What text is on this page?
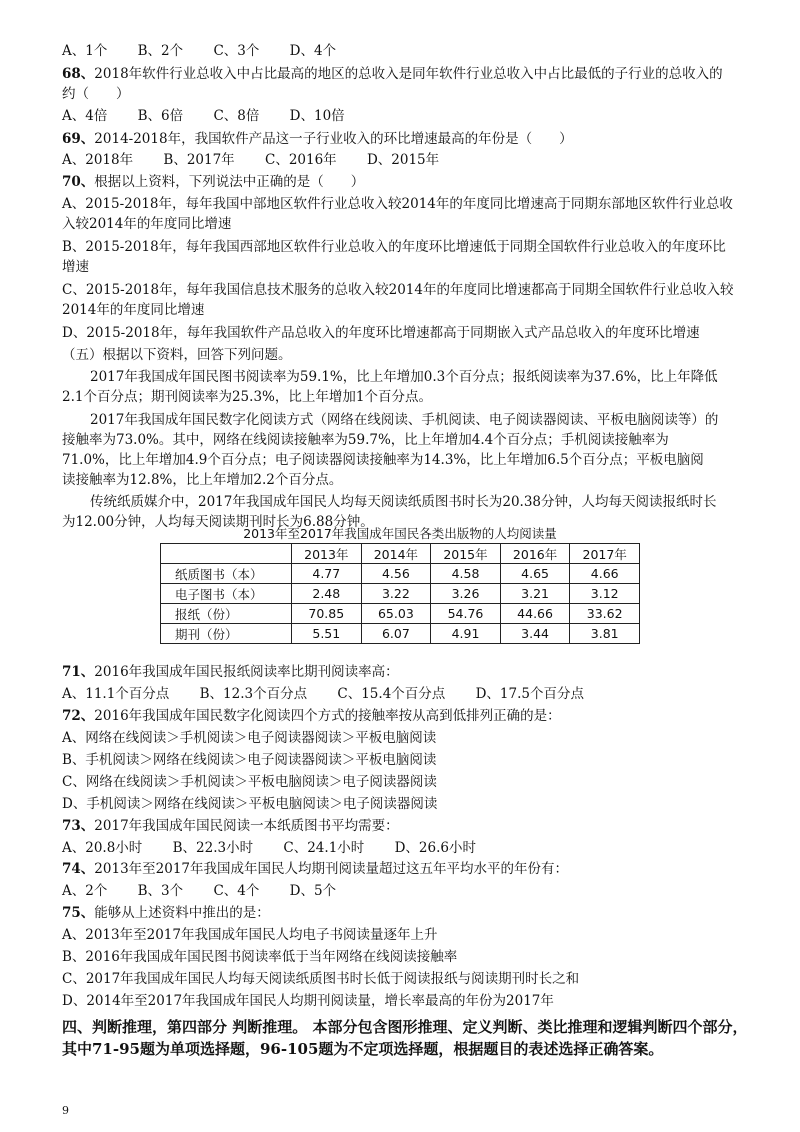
A、1个 B、2个 C、3个 D、4个
68、2018年软件行业总收入中占比最高的地区的总收入是同年软件行业总收入中占比最低的子行业的总收入的
约（　　）
A、4倍 B、6倍 C、8倍 D、10倍
69、2014-2018年，我国软件产品这一子行业收入的环比增速最高的年份是（　　）
A、2018年 B、2017年 C、2016年 D、2015年
70、根据以上资料，下列说法中正确的是（　　）
A、2015-2018年，每年我国中部地区软件行业总收入较2014年的年度同比增速高于同期东部地区软件行业总收
入较2014年的年度同比增速
B、2015-2018年，每年我国西部地区软件行业总收入的年度环比增速低于同期全国软件行业总收入的年度环比
增速
C、2015-2018年，每年我国信息技术服务的总收入较2014年的年度同比增速都高于同期全国软件行业总收入较
2014年的年度同比增速
D、2015-2018年，每年我国软件产品总收入的年度环比增速都高于同期嵌入式产品总收入的年度环比增速
（五）根据以下资料，回答下列问题。
2017年我国成年国民图书阅读率为59.1%，比上年增加0.3个百分点；报纸阅读率为37.6%，比上年降低
2.1个百分点；期刊阅读率为25.3%，比上年增加1个百分点。
2017年我国成年国民数字化阅读方式（网络在线阅读、手机阅读、电子阅读器阅读、平板电脑阅读等）的
接触率为73.0%。其中，网络在线阅读接触率为59.7%，比上年增加4.4个百分点；手机阅读接触率为
71.0%，比上年增加4.9个百分点；电子阅读器阅读接触率为14.3%，比上年增加6.5个百分点；平板电脑阅
读接触率为12.8%，比上年增加2.2个百分点。
传统纸质媒介中，2017年我国成年国民人均每天阅读纸质图书时长为20.38分钟，人均每天阅读报纸时长
为12.00分钟，人均每天阅读期刊时长为6.88分钟。
2013年至2017年我国成年国民各类出版物的人均阅读量
	2013年	2014年	2015年	2016年	2017年
纸质图书（本）	4.77	4.56	4.58	4.65	4.66
电子图书（本）	2.48	3.22	3.26	3.21	3.12
报纸（份）	70.85	65.03	54.76	44.66	33.62
期刊（份）	5.51	6.07	4.91	3.44	3.81
71、2016年我国成年国民报纸阅读率比期刊阅读率高：
A、11.1个百分点 B、12.3个百分点 C、15.4个百分点 D、17.5个百分点
72、2016年我国成年国民数字化阅读四个方式的接触率按从高到低排列正确的是：
A、网络在线阅读＞手机阅读＞电子阅读器阅读＞平板电脑阅读
B、手机阅读＞网络在线阅读＞电子阅读器阅读＞平板电脑阅读
C、网络在线阅读＞手机阅读＞平板电脑阅读＞电子阅读器阅读
D、手机阅读＞网络在线阅读＞平板电脑阅读＞电子阅读器阅读
73、2017年我国成年国民阅读一本纸质图书平均需要：
A、20.8小时 B、22.3小时 C、24.1小时 D、26.6小时
74、2013年至2017年我国成年国民人均期刊阅读量超过这五年平均水平的年份有：
A、2个 B、3个 C、4个 D、5个
75、能够从上述资料中推出的是：
A、2013年至2017年我国成年国民人均电子书阅读量逐年上升
B、2016年我国成年国民图书阅读率低于当年网络在线阅读接触率
C、2017年我国成年国民人均每天阅读纸质图书时长低于阅读报纸与阅读期刊时长之和
D、2014年至2017年我国成年国民人均期刊阅读量，增长率最高的年份为2017年
四、判断推理，第四部分 判断推理。 本部分包含图形推理、定义判断、类比推理和逻辑判断四个部分，其中71-95题为单项选择题，96-105题为不定项选择题，根据题目的表述选择正确答案。
9
